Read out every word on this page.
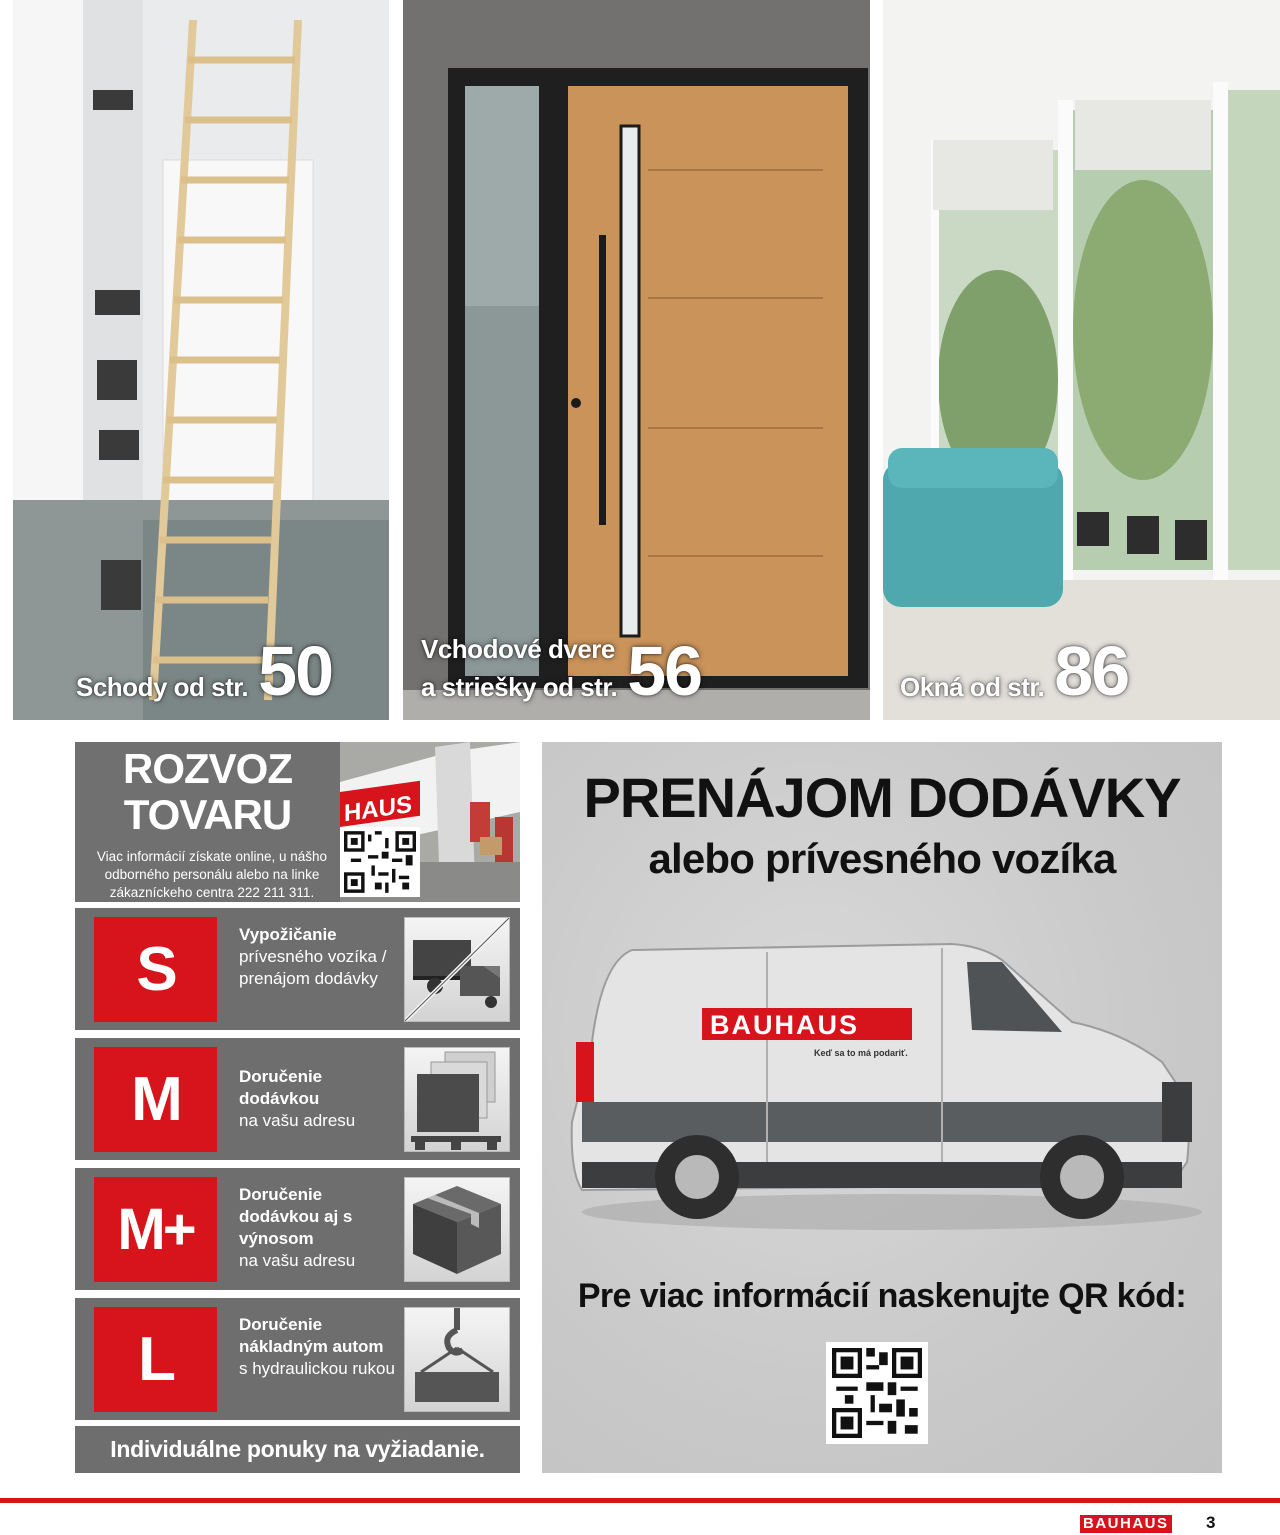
Schody od str. 50	Vchodové dvere
a striešky od str. 56	Okná od str. 86
ROZVOZ
TOVARU
Viac informácií získate online, u nášho odborného personálu alebo na linke zákazníckeho centra 222 211 311.
HAUS
S
Vypožičanie
prívesného vozíka / prenájom dodávky
M	Doručenie dodávkou
na vašu adresu
M+
Doručenie dodávkou aj s výnosom
na vašu adresu
L
Doručenie nákladným autom
s hydraulickou rukou
Individuálne ponuky na vyžiadanie.
PRENÁJOM DODÁVKY
alebo prívesného vozíka
BAUHAUS
Keď sa to má podariť.
Pre viac informácií naskenujte QR kód:
BAUHAUS 3
